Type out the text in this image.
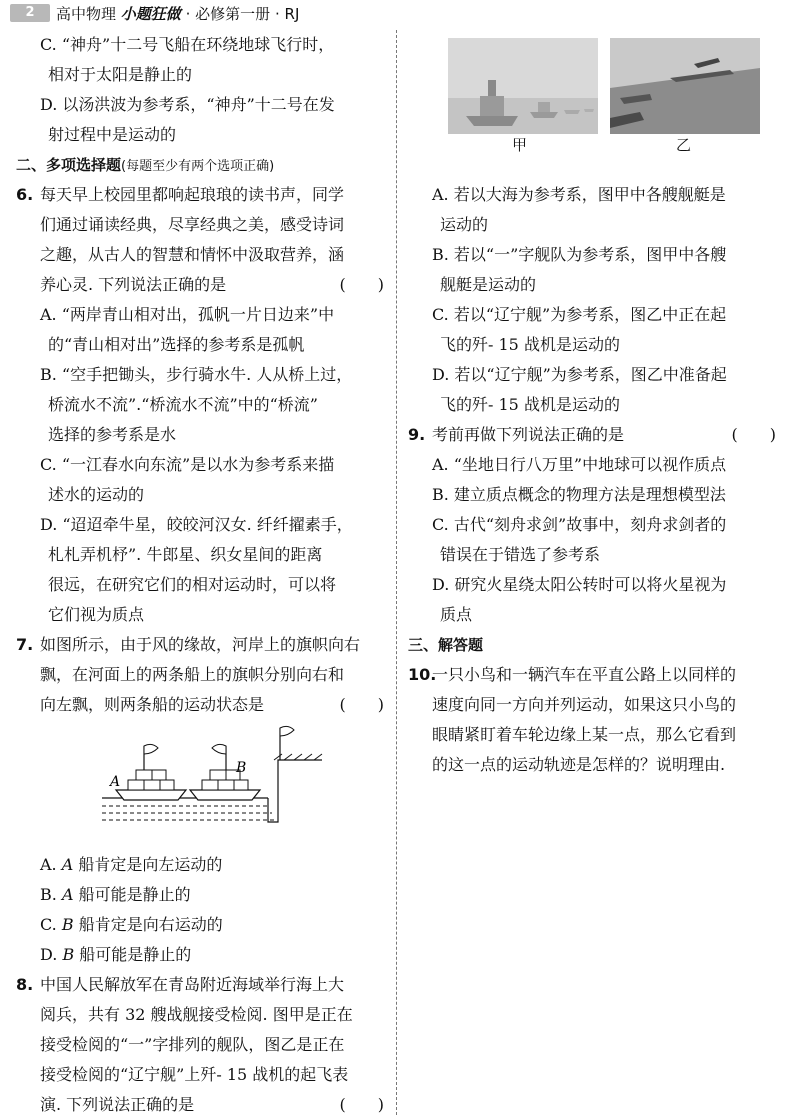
2	高中物理 小题狂做 · 必修第一册 · RJ
C. “神舟”十二号飞船在环绕地球飞行时，
相对于太阳是静止的
D. 以汤洪波为参考系，“神舟”十二号在发
射过程中是运动的
二、多项选择题(每题至少有两个选项正确)
6. 每天早上校园里都响起琅琅的读书声，同学
们通过诵读经典，尽享经典之美，感受诗词
之趣，从古人的智慧和情怀中汲取营养，涵
养心灵. 下列说法正确的是	(　　)
A. “两岸青山相对出，孤帆一片日边来”中
的“青山相对出”选择的参考系是孤帆
B. “空手把锄头，步行骑水牛. 人从桥上过，
桥流水不流”.“桥流水不流”中的“桥流”
选择的参考系是水
C. “一江春水向东流”是以水为参考系来描
述水的运动的
D. “迢迢牵牛星，皎皎河汉女. 纤纤擢素手，
札札弄机杼”. 牛郎星、织女星间的距离
很远，在研究它们的相对运动时，可以将
它们视为质点
7. 如图所示，由于风的缘故，河岸上的旗帜向右
飘，在河面上的两条船上的旗帜分别向右和
向左飘，则两条船的运动状态是	(　　)
A
B
A. A 船肯定是向左运动的
B. A 船可能是静止的
C. B 船肯定是向右运动的
D. B 船可能是静止的
8. 中国人民解放军在青岛附近海域举行海上大
阅兵，共有 32 艘战舰接受检阅. 图甲是正在
接受检阅的“一”字排列的舰队，图乙是正在
接受检阅的“辽宁舰”上歼- 15 战机的起飞表
演. 下列说法正确的是	(　　)
甲	乙
A. 若以大海为参考系，图甲中各艘舰艇是
运动的
B. 若以“一”字舰队为参考系，图甲中各艘
舰艇是运动的
C. 若以“辽宁舰”为参考系，图乙中正在起
飞的歼- 15 战机是运动的
D. 若以“辽宁舰”为参考系，图乙中准备起
飞的歼- 15 战机是运动的
9. 考前再做下列说法正确的是	(　　)
A. “坐地日行八万里”中地球可以视作质点
B. 建立质点概念的物理方法是理想模型法
C. 古代“刻舟求剑”故事中，刻舟求剑者的
错误在于错选了参考系
D. 研究火星绕太阳公转时可以将火星视为
质点
三、解答题
10.一只小鸟和一辆汽车在平直公路上以同样的
速度向同一方向并列运动，如果这只小鸟的
眼睛紧盯着车轮边缘上某一点，那么它看到
的这一点的运动轨迹是怎样的？说明理由.
